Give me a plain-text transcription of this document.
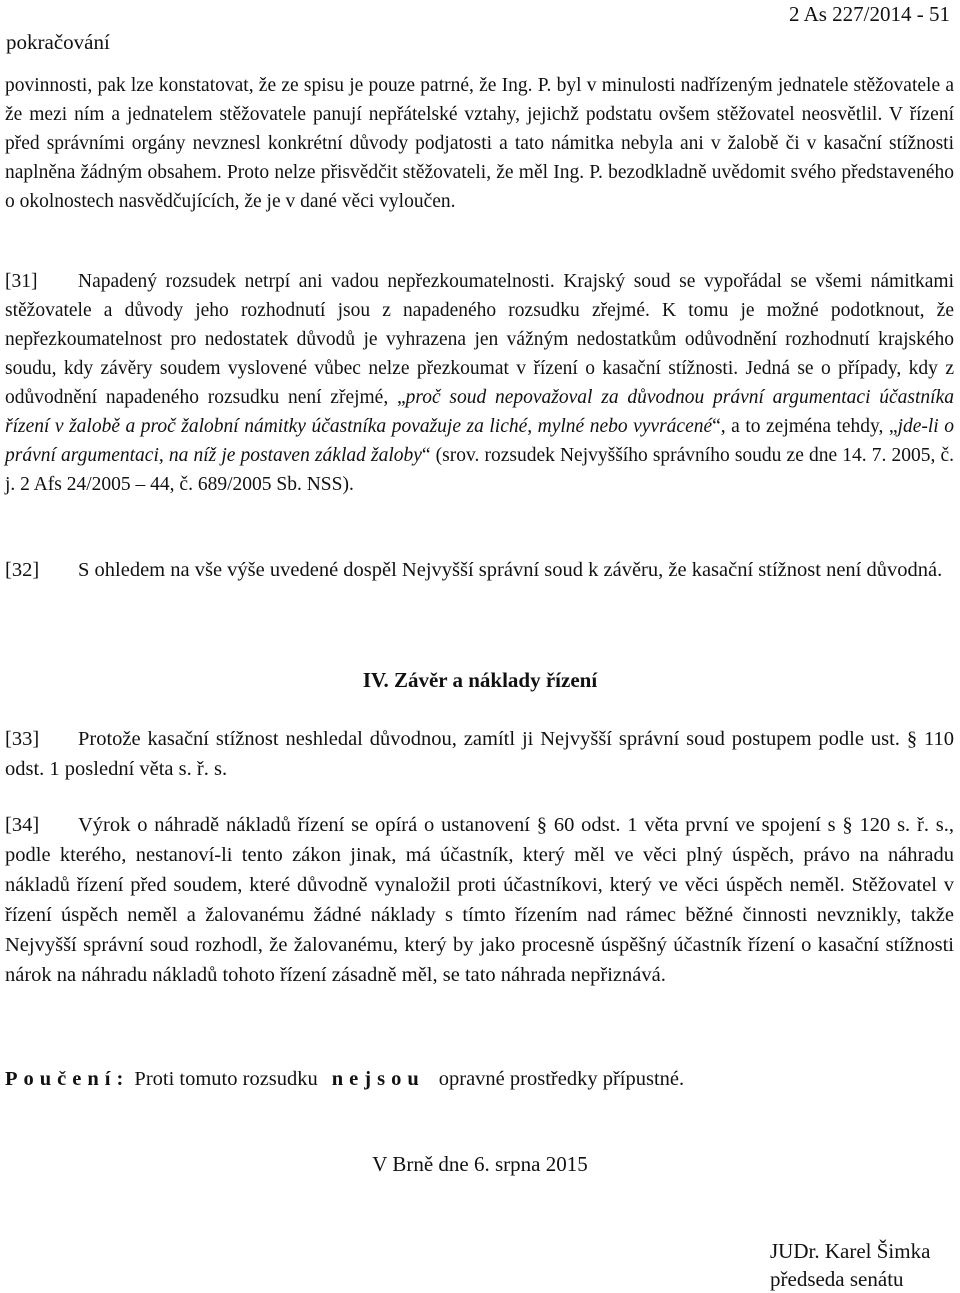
pokračování
2 As 227/2014 - 51

povinnosti, pak lze konstatovat, že ze spisu je pouze patrné, že Ing. P. byl v minulosti nadřízeným jednatele stěžovatele a že mezi ním a jednatelem stěžovatele panují nepřátelské vztahy, jejichž podstatu ovšem stěžovatel neosvětlil. V řízení před správními orgány nevznesl konkrétní důvody podjatosti a tato námitka nebyla ani v žalobě či v kasační stížnosti naplněna žádným obsahem. Proto nelze přisvědčit stěžovateli, že měl Ing. P. bezodkladně uvědomit svého představeného o okolnostech nasvědčujících, že je v dané věci vyloučen.

[31] Napadený rozsudek netrpí ani vadou nepřezkoumatelnosti. Krajský soud se vypořádal se všemi námitkami stěžovatele a důvody jeho rozhodnutí jsou z napadeného rozsudku zřejmé. K tomu je možné podotknout, že nepřezkoumatelnost pro nedostatek důvodů je vyhrazena jen vážným nedostatkům odůvodnění rozhodnutí krajského soudu, kdy závěry soudem vyslovené vůbec nelze přezkoumat v řízení o kasační stížnosti. Jedná se o případy, kdy z odůvodnění napadeného rozsudku není zřejmé, „proč soud nepovažoval za důvodnou právní argumentaci účastníka řízení v žalobě a proč žalobní námitky účastníka považuje za liché, mylné nebo vyvrácené“, a to zejména tehdy, „jde-li o právní argumentaci, na níž je postaven základ žaloby“ (srov. rozsudek Nejvyššího správního soudu ze dne 14. 7. 2005, č. j. 2 Afs 24/2005 – 44, č. 689/2005 Sb. NSS).

[32] S ohledem na vše výše uvedené dospěl Nejvyšší správní soud k závěru, že kasační stížnost není důvodná.

IV. Závěr a náklady řízení

[33] Protože kasační stížnost neshledal důvodnou, zamítl ji Nejvyšší správní soud postupem podle ust. § 110 odst. 1 poslední věta s. ř. s.

[34] Výrok o náhradě nákladů řízení se opírá o ustanovení § 60 odst. 1 věta první ve spojení s § 120 s. ř. s., podle kterého, nestanoví-li tento zákon jinak, má účastník, který měl ve věci plný úspěch, právo na náhradu nákladů řízení před soudem, které důvodně vynaložil proti účastníkovi, který ve věci úspěch neměl. Stěžovatel v řízení úspěch neměl a žalovanému žádné náklady s tímto řízením nad rámec běžné činnosti nevznikly, takže Nejvyšší správní soud rozhodl, že žalovanému, který by jako procesně úspěšný účastník řízení o kasační stížnosti nárok na náhradu nákladů tohoto řízení zásadně měl, se tato náhrada nepřiznává.

Poučení: Proti tomuto rozsudku nejsou opravné prostředky přípustné.
V Brně dne 6. srpna 2015
JUDr. Karel Šimka
předseda senátu
